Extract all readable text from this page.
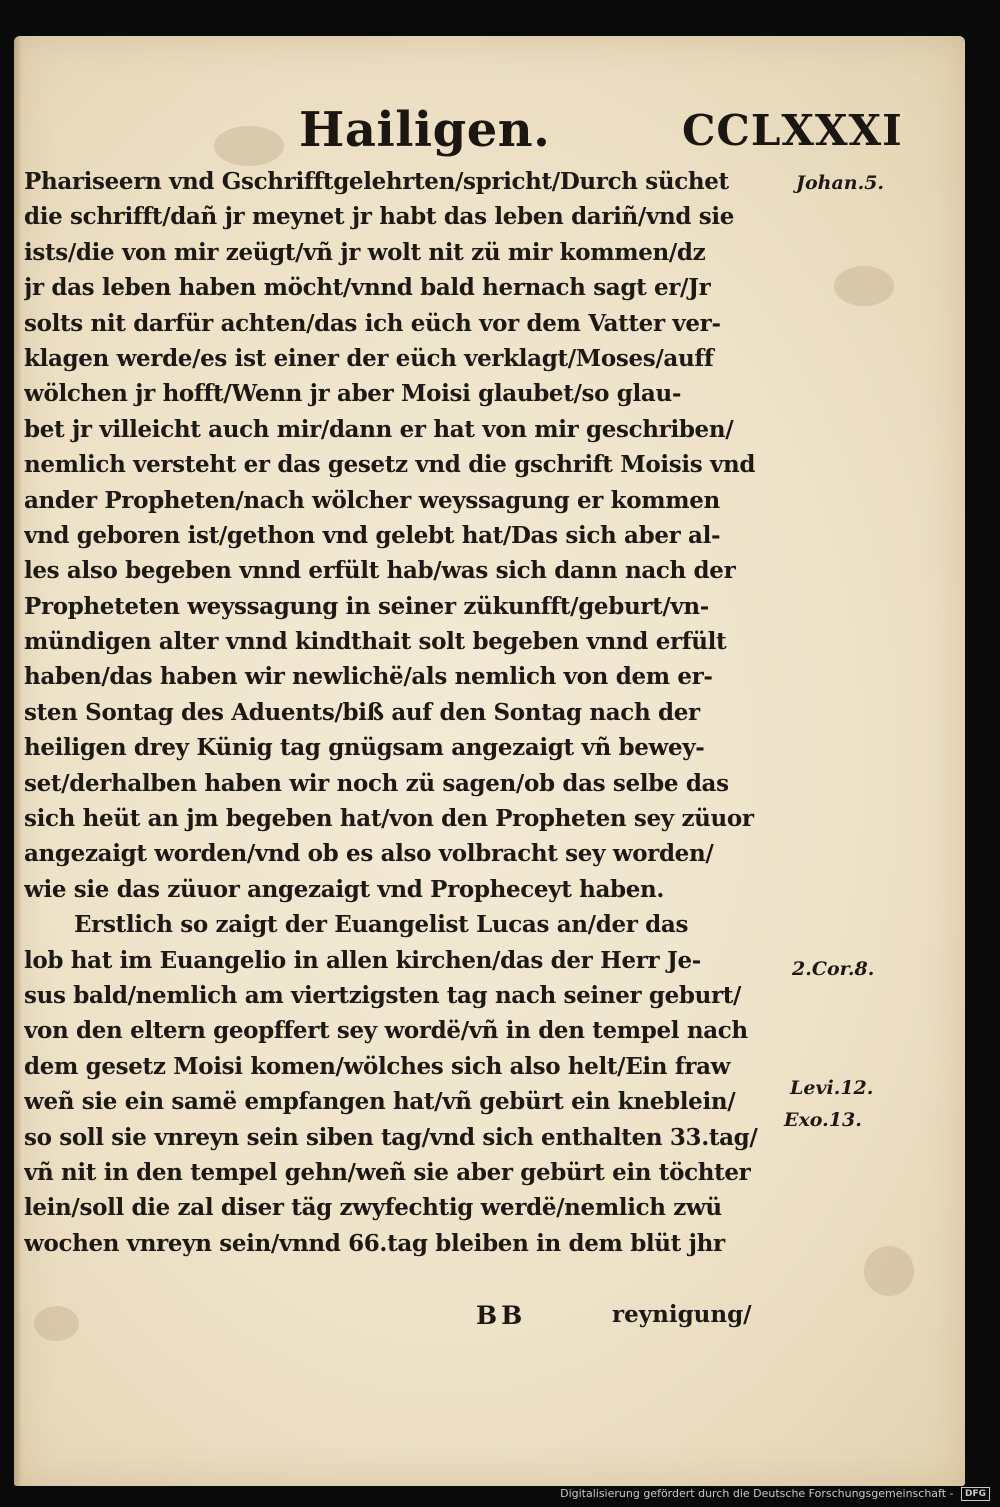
Hailigen.	CCLXXXI
Phariseern vnd Gschrifftgelehrten/spricht/Durch süchet
die schrifft/dañ jr meynet jr habt das leben dariñ/vnd sie
ists/die von mir zeügt/vñ jr wolt nit zü mir kommen/dz
jr das leben haben möcht/vnnd bald hernach sagt er/Jr
solts nit darfür achten/das ich eüch vor dem Vatter ver-
klagen werde/es ist einer der eüch verklagt/Moses/auff
wölchen jr hofft/Wenn jr aber Moisi glaubet/so glau-
bet jr villeicht auch mir/dann er hat von mir geschriben/
nemlich versteht er das gesetz vnd die gschrift Moisis vnd
ander Propheten/nach wölcher weyssagung er kommen
vnd geboren ist/gethon vnd gelebt hat/Das sich aber al-
les also begeben vnnd erfült hab/was sich dann nach der
Propheteten weyssagung in seiner zükunfft/geburt/vn-
mündigen alter vnnd kindthait solt begeben vnnd erfült
haben/das haben wir newlichë/als nemlich von dem er-
sten Sontag des Aduents/biß auf den Sontag nach der
heiligen drey Künig tag gnügsam angezaigt vñ bewey-
set/derhalben haben wir noch zü sagen/ob das selbe das
sich heüt an jm begeben hat/von den Propheten sey züuor
angezaigt worden/vnd ob es also volbracht sey worden/
wie sie das züuor angezaigt vnd Propheceyt haben.
Erstlich so zaigt der Euangelist Lucas an/der das
lob hat im Euangelio in allen kirchen/das der Herr Je-
sus bald/nemlich am viertzigsten tag nach seiner geburt/
von den eltern geopffert sey wordë/vñ in den tempel nach
dem gesetz Moisi komen/wölches sich also helt/Ein fraw
weñ sie ein samë empfangen hat/vñ gebürt ein kneblein/
so soll sie vnreyn sein siben tag/vnd sich enthalten 33.tag/
vñ nit in den tempel gehn/weñ sie aber gebürt ein töchter
lein/soll die zal diser täg zwyfechtig werdë/nemlich zwü
wochen vnreyn sein/vnnd 66.tag bleiben in dem blüt jhr
Johan.5.
2.Cor.8.
Levi.12.
Exo.13.
BB	reynigung/
Digitalisierung gefördert durch die Deutsche Forschungsgemeinschaft - DFG
